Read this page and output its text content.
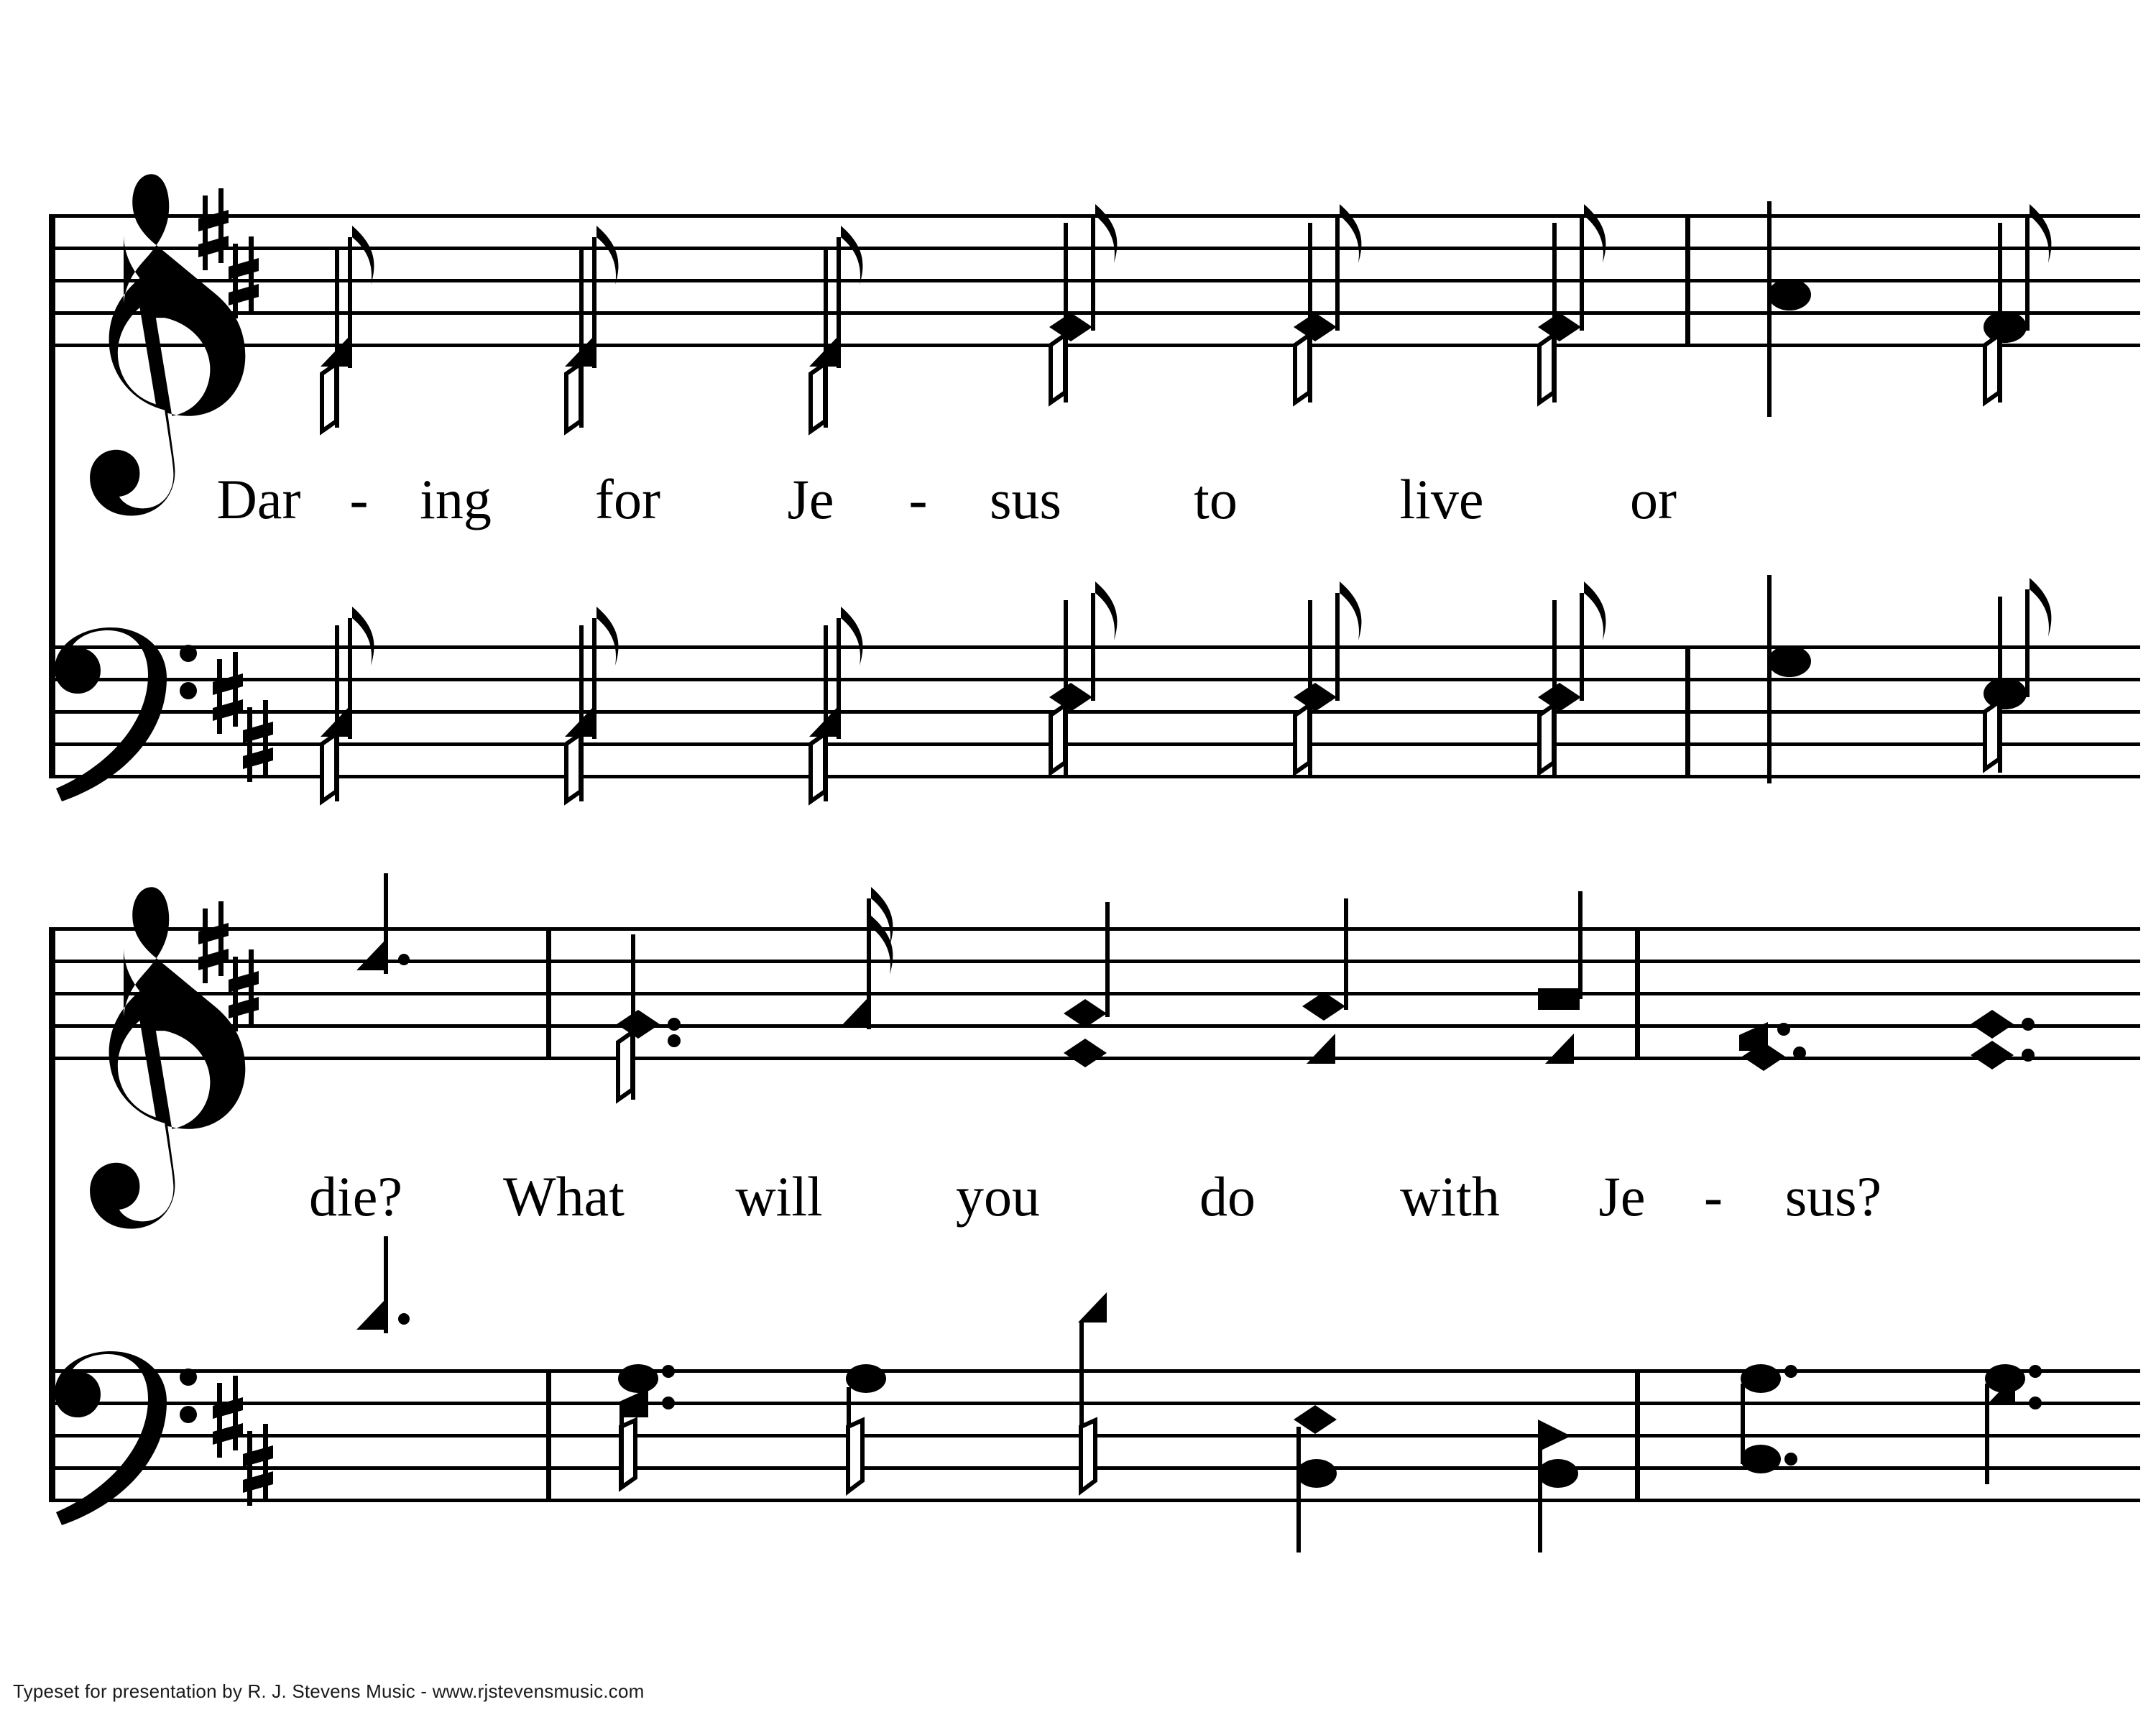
Dar - ing for Je - sus to	live	or
die? What will you	do	with Je - sus?
Typeset for presentation by R. J. Stevens Music - www.rjstevensmusic.com
